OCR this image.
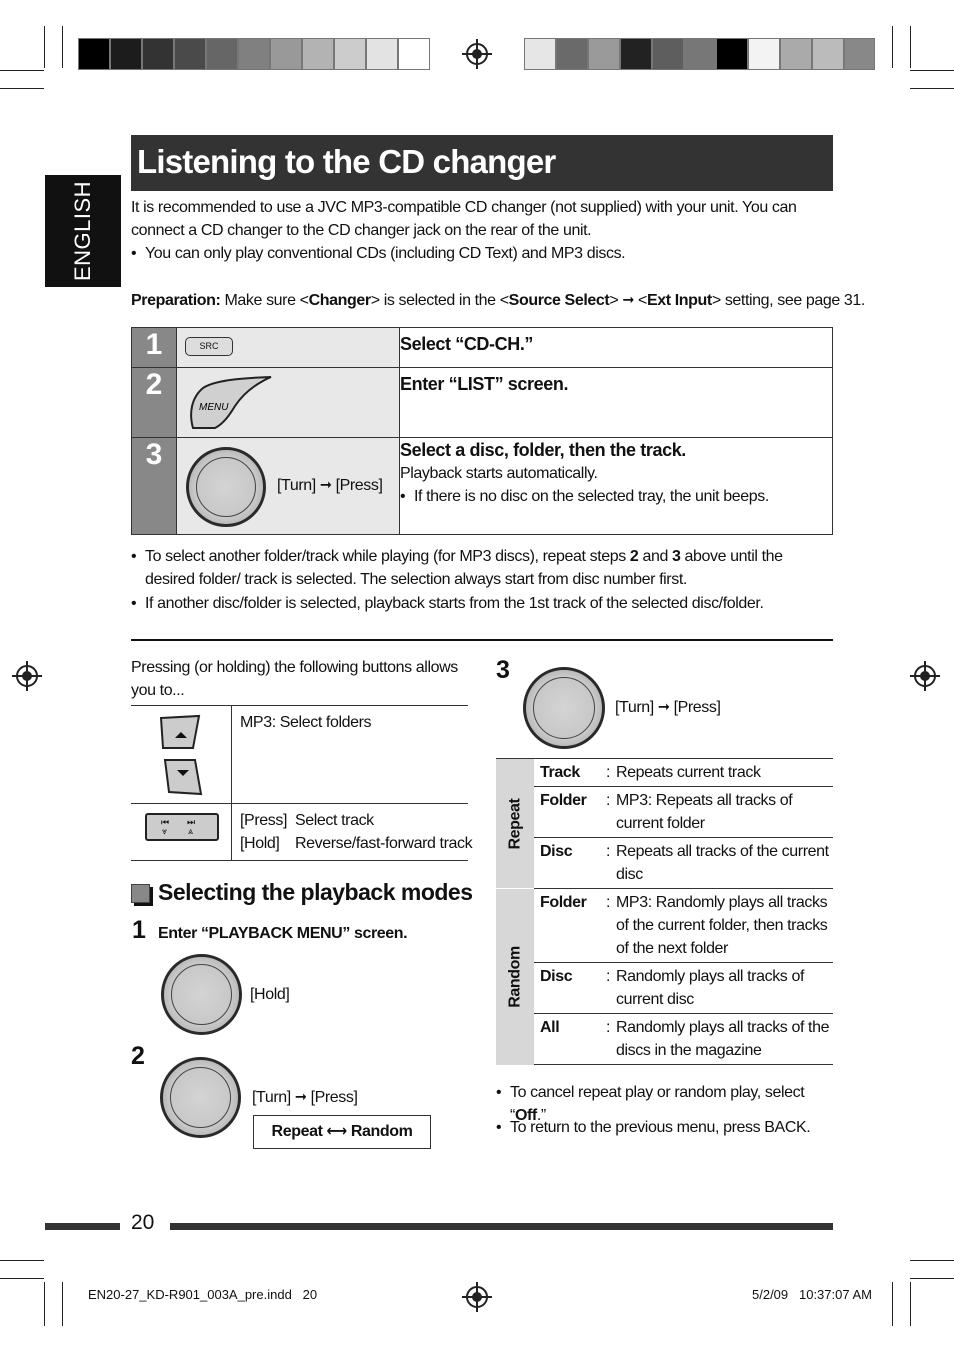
ENGLISH
Listening to the CD changer
It is recommended to use a JVC MP3-compatible CD changer (not supplied) with your unit. You can connect a CD changer to the CD changer jack on the rear of the unit.
• You can only play conventional CDs (including CD Text) and MP3 discs.
Preparation: Make sure <Changer> is selected in the <Source Select> ➞ <Ext Input> setting, see page 31.
1	SRC	Select “CD-CH.”
2	MENU	Enter “LIST” screen.
3	[Turn] ➞ [Press]	Select a disc, folder, then the track.
Playback starts automatically.
• If there is no disc on the selected tray, the unit beeps.
• To select another folder/track while playing (for MP3 discs), repeat steps 2 and 3 above until the desired folder/ track is selected. The selection always start from disc number first.
• If another disc/folder is selected, playback starts from the 1st track of the selected disc/folder.
Pressing (or holding) the following buttons allows you to...
MP3: Select folders
⏮︎ ⏭︎
⩔ ⩓
[Press] Select track
[Hold] Reverse/fast-forward track
Selecting the playback modes
1 Enter “PLAYBACK MENU” screen.
[Hold]
2
[Turn] ➞ [Press]
Repeat ⟷ Random
3
[Turn] ➞ [Press]
Repeat	Track	:	Repeats current track
	Folder	:	MP3: Repeats all tracks of current folder
	Disc	:	Repeats all tracks of the current disc

Random	Folder	:	MP3: Randomly plays all tracks of the current folder, then tracks of the next folder
	Disc	:	Randomly plays all tracks of current disc
	All	:	Randomly plays all tracks of the discs in the magazine
• To cancel repeat play or random play, select “Off.”
• To return to the previous menu, press BACK.
20
EN20-27_KD-R901_003A_pre.indd   20	5/2/09   10:37:07 AM
